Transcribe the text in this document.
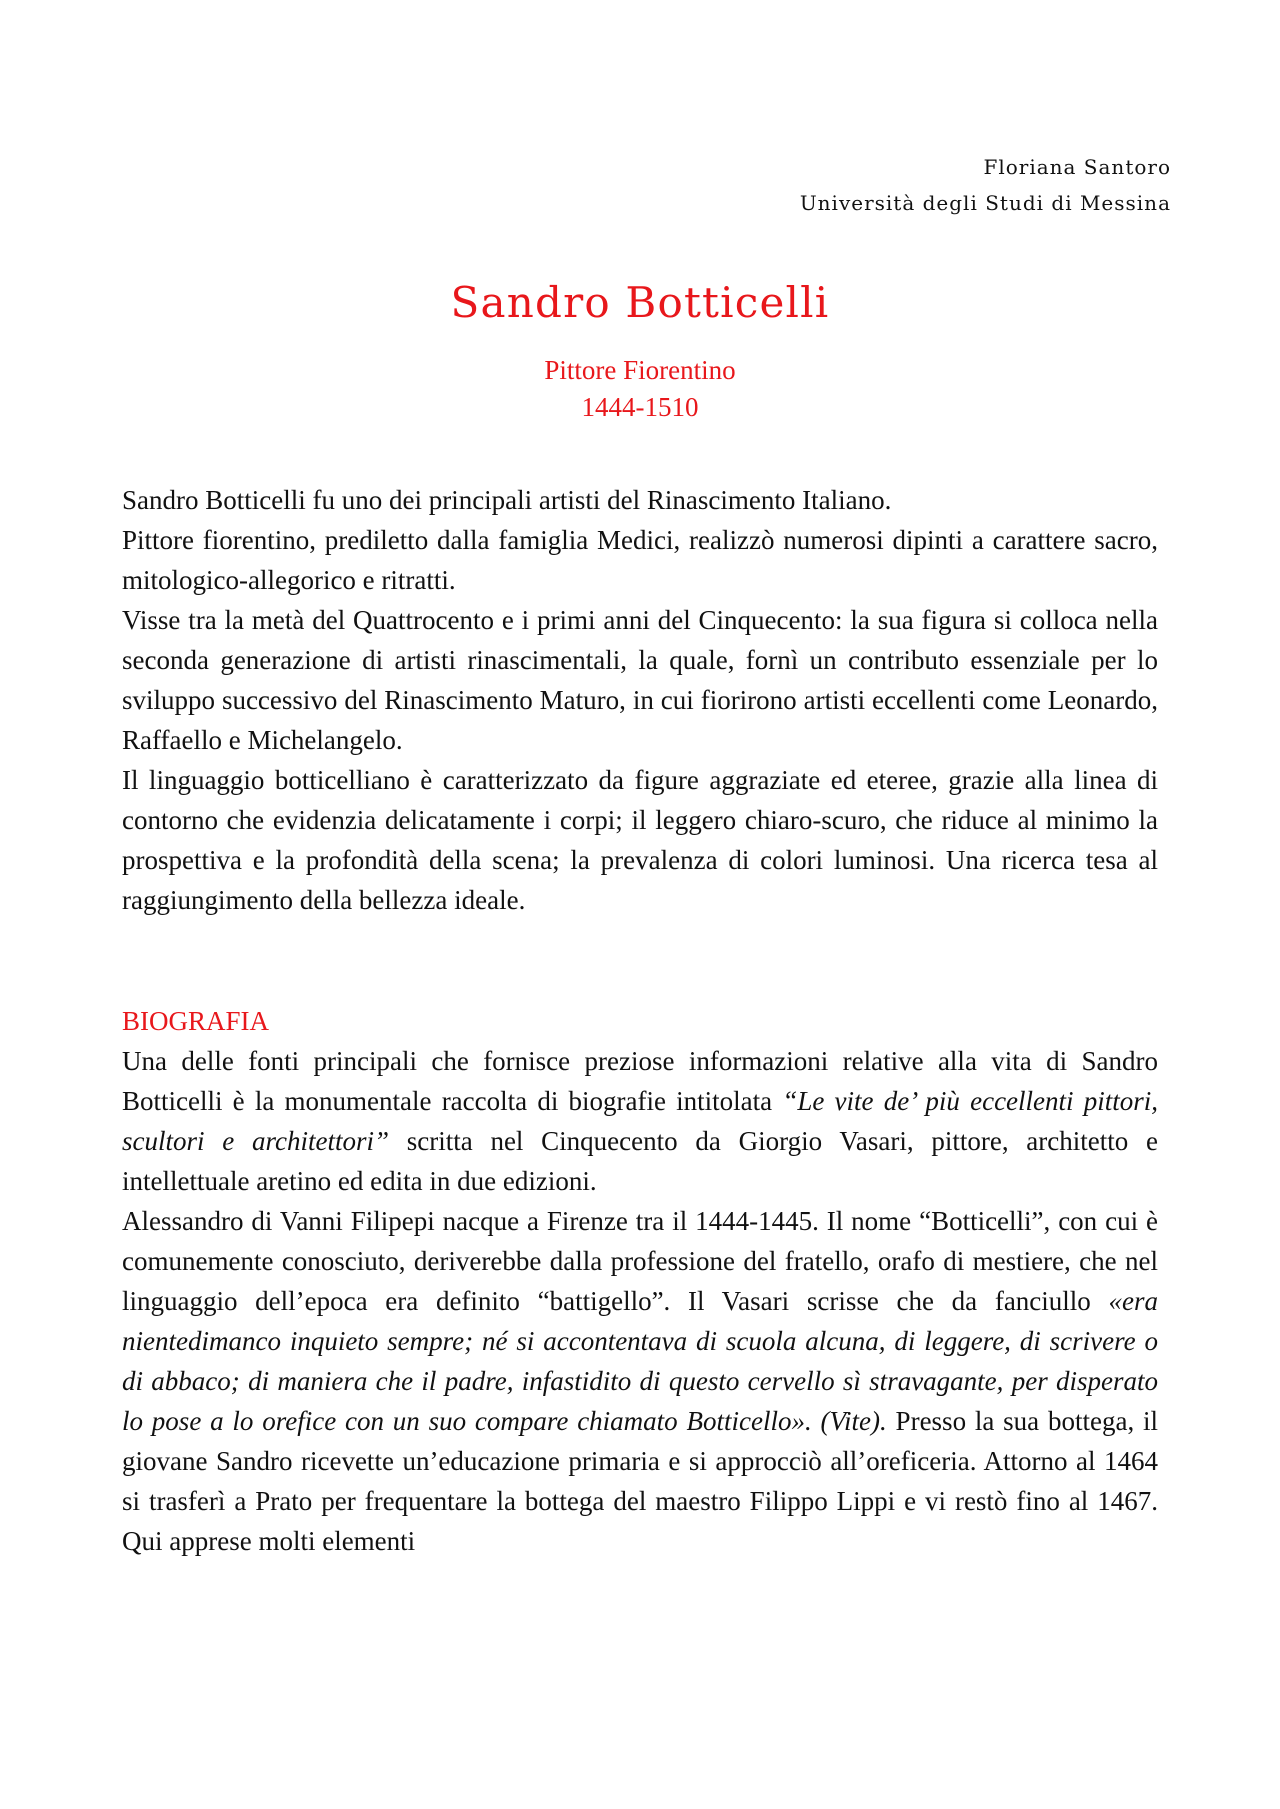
Floriana Santoro
Università degli Studi di Messina
Sandro Botticelli
Pittore Fiorentino
1444-1510

Sandro Botticelli fu uno dei principali artisti del Rinascimento Italiano.

Pittore fiorentino, prediletto dalla famiglia Medici, realizzò numerosi dipinti a carattere sacro, mitologico-allegorico e ritratti.

Visse tra la metà del Quattrocento e i primi anni del Cinquecento: la sua figura si colloca nella seconda generazione di artisti rinascimentali, la quale, fornì un contributo essenziale per lo sviluppo successivo del Rinascimento Maturo, in cui fiorirono artisti eccellenti come Leonardo, Raffaello e Michelangelo.

Il linguaggio botticelliano è caratterizzato da figure aggraziate ed eteree, grazie alla linea di contorno che evidenzia delicatamente i corpi; il leggero chiaro-scuro, che riduce al minimo la prospettiva e la profondità della scena; la prevalenza di colori luminosi. Una ricerca tesa al raggiungimento della bellezza ideale.

BIOGRAFIA

Una delle fonti principali che fornisce preziose informazioni relative alla vita di Sandro Botticelli è la monumentale raccolta di biografie intitolata “Le vite de’ più eccellenti pittori, scultori e architettori” scritta nel Cinquecento da Giorgio Vasari, pittore, architetto e intellettuale aretino ed edita in due edizioni.

Alessandro di Vanni Filipepi nacque a Firenze tra il 1444-1445. Il nome “Botticelli”, con cui è comunemente conosciuto, deriverebbe dalla professione del fratello, orafo di mestiere, che nel linguaggio dell’epoca era definito “battigello”. Il Vasari scrisse che da fanciullo «era nientedimanco inquieto sempre; né si accontentava di scuola alcuna, di leggere, di scrivere o di abbaco; di maniera che il padre, infastidito di questo cervello sì stravagante, per disperato lo pose a lo orefice con un suo compare chiamato Botticello». (Vite). Presso la sua bottega, il giovane Sandro ricevette un’educazione primaria e si approcciò all’oreficeria. Attorno al 1464 si trasferì a Prato per frequentare la bottega del maestro Filippo Lippi e vi restò fino al 1467. Qui apprese molti elementi
